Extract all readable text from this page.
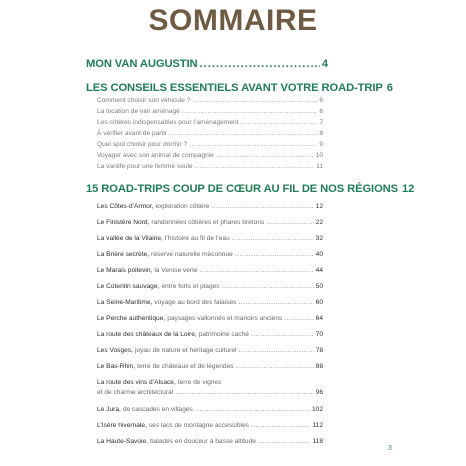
SOMMAIRE
MON VAN AUGUSTIN .....	4
LES CONSEILS ESSENTIELS AVANT VOTRE ROAD-TRIP 6
Comment choisir son véhicule ? .....	6
La location de van aménagé .....	6
Les critères indispensables pour l’aménagement .....	7
À vérifier avant de partir .....	8
Quel spot choisir pour dormir ? .....	9
Voyager avec son animal de compagnie .....	10
La vanlife pour une femme seule .....	11
15 ROAD-TRIPS COUP DE CŒUR AU FIL DE NOS RÉGIONS 12
Les Côtes-d’Armor, exploration côtière .....	12
Le Finistère Nord, randonnées côtières et phares bretons .....	22
La vallée de la Vilaine, l’histoire au fil de l’eau .....	32
La Brière secrète, réserve naturelle méconnue .....	40
Le Marais poitevin, la Venise verte .....	44
Le Cotentin sauvage, entre forts et plages .....	50
La Seine-Maritime, voyage au bord des falaises .....	60
Le Perche authentique, paysages vallonnés et manoirs anciens .....	64
La route des châteaux de la Loire, patrimoine caché .....	70
Les Vosges, joyau de nature et héritage culturel .....	78
Le Bas-Rhin, terre de châteaux et de légendes .....	88
La route des vins d’Alsace, terre de vignes
et de charme architectural .....	96
Le Jura, de cascades en villages .....	102
L’Isère hivernale, ses lacs de montagne accessibles .....	112
La Haute-Savoie, balades en douceur à basse altitude .....	118
3
